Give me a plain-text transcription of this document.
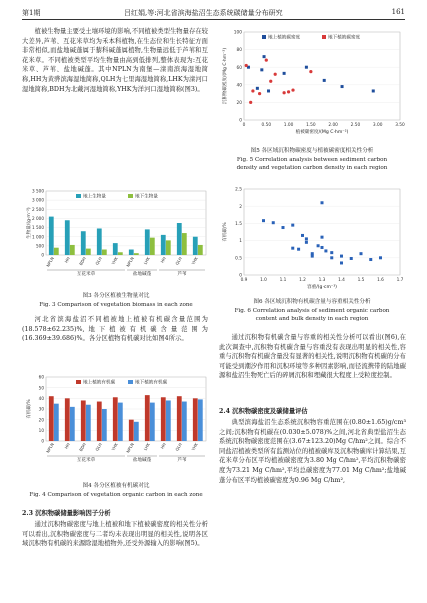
第1期	吕红娟,等:河北省滨海盐沼生态系统碳储量分布研究	161

植被生物量主要受土壤环境的影响,不同植被类型生物量存在较大差异,芦苇、互花米草均为禾本科植物,在生态位和生长特征方面非常相似,而盐地碱蓬属于藜科碱蓬属植物,生物量远低于芦苇和互花米草。不同植被类型平均生物量由高到低排列,整体表现为:互花米草、芦苇、盐地碱蓬。其中NPLN为南堡—滦南滨海湿地简称,HH为黄骅滨海湿地简称,QLH为七里海湿地简称,LHK为滦河口湿地简称,BDH为北戴河湿地简称,YHK为洋河口湿地简称(图3)。

3 500
3 000
2 500
2 000
1 500
1 000
500
0
生物量/(g·m⁻²)
NPLN HH BDH QLH YHK NPLN LHK HH QLH YHK
互花米草	盐地碱蓬	芦苇
地上生物量	地下生物量
图3 各分区植被生物量对比
Fig. 3 Comparison of vegetation biomass in each zone

河北省滨海盐沼不同植被地上植被有机碳含量范围为(18.578±62.235)%,地下植被有机碳含量范围为(16.369±39.686)%。各分区植物有机碳对比如图4所示。

60
50
40
30
20
10
0
有机碳/%
NPLN HH BDH QLH YHK NPLN LHK HH QLH YHK
互花米草	盐地碱蓬	芦苇
地上植被有机碳	地下植被有机碳
图4 各分区植被有机碳对比
Fig. 4 Comparison of vegetation organic carbon in each zone
2.3 沉积物碳储量影响因子分析

通过沉积物碳密度与地上植被和地下植被碳密度的相关性分析可以看出,沉积物碳密度与二者均未表现出明显的相关性,说明各区域沉积物有机碳的来源除湿地植物外,还受外源输入的影响(图5)。

100
80
60
40
20
0
0	0.50	1.00	1.50	2.00	2.50	3.00	3.50
植被碳密度/(Mg C·hm⁻²)
沉积物碳密度/(Mg C·hm⁻²)
地上植被碳密度	地下植被碳密度
图5 各区域沉积物碳密度与植被碳密度相关性分析
Fig. 5 Correlation analysis between sediment carbon
density and vegetation carbon density in each region
2.5
2
1.5
1
0.5
0
0.9	1.0	1.1	1.2	1.3	1.4	1.5	1.6	1.7
容重/(g·cm⁻³)
有机碳/%
图6 各区域沉积物有机碳含量与容重相关性分析
Fig. 6 Correlation analysis of sediment organic carbon
content and bulk density in each region

通过沉积物有机碳含量与容重的相关性分析可以看出(图6),在此次调查中,沉积物有机碳含量与容重没有表现出明显的相关性,容重与沉积物有机碳含量没有显著的相关性,说明沉积物有机碳的分布可能受到潮汐作用和沉积环境等多种因素影响,而径流携带的陆地碳源和盐沼生物死亡后的碎屑沉积和埋藏很大程度上受粒度控制。

2.4 沉积物碳密度及碳储量评估

典型滨海盐沼生态系统沉积物容重范围在(0.80±1.65)g/cm³之间;沉积物有机碳在(0.030±5.078)%之间,河北省典型盐沼生态系统沉积物碳密度范围在(3.67±123.20)Mg C/hm²之间。综合不同盐沼植被类型所有监测站位的植被碳库及沉积物碳库计算结果,互花米草分布区平均植被碳密度为3.80 Mg C/hm²,平均沉积物碳密度为73.21 Mg C/hm²,平均总碳密度为77.01 Mg C/hm²;盐地碱蓬分布区平均植被碳密度为0.96 Mg C/hm²,
